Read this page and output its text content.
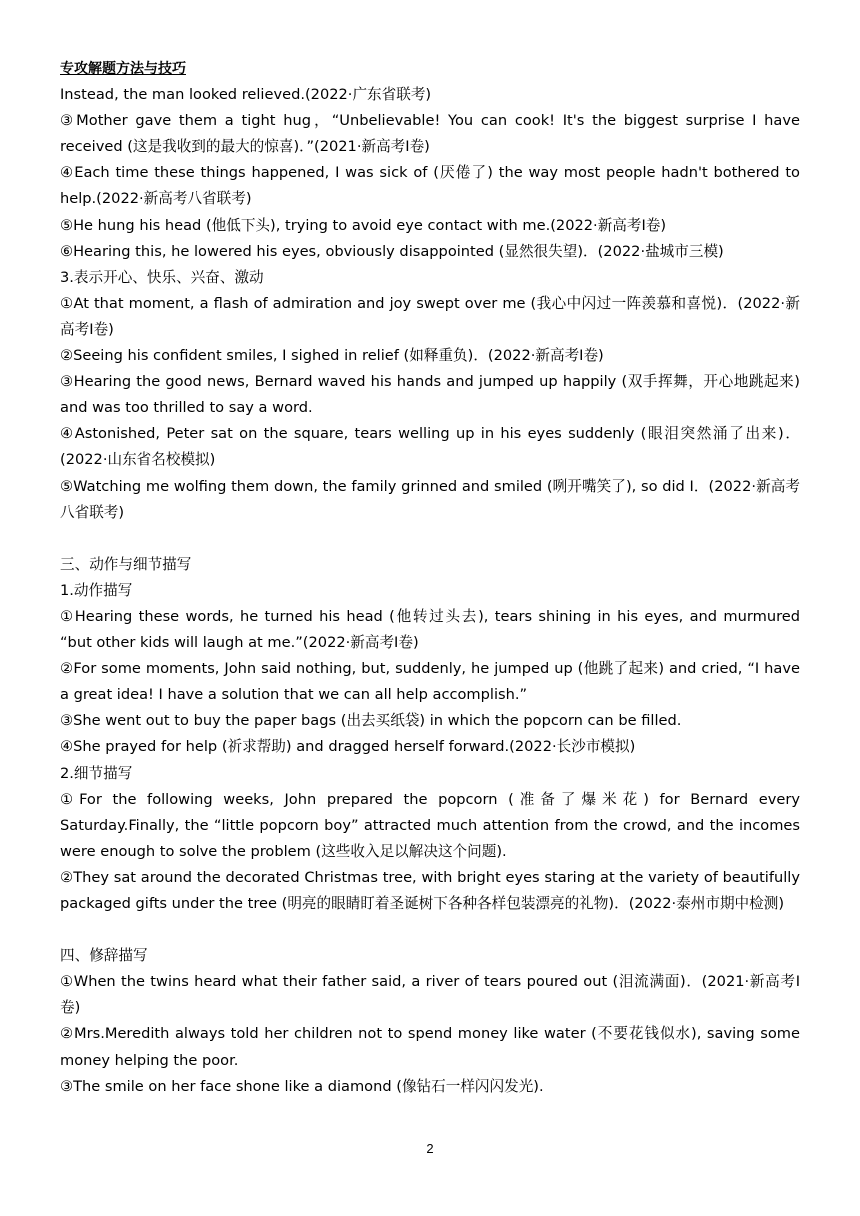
专攻解题方法与技巧
Instead, the man looked relieved.(2022·广东省联考)
③Mother gave them a tight hug，“Unbelievable! You can cook! It's the biggest surprise I have received (这是我收到的最大的惊喜)．”(2021·新高考Ⅰ卷)
④Each time these things happened, I was sick of (厌倦了) the way most people hadn't bothered to help.(2022·新高考八省联考)
⑤He hung his head (他低下头), trying to avoid eye contact with me.(2022·新高考Ⅰ卷)
⑥Hearing this, he lowered his eyes, obviously disappointed (显然很失望)．(2022·盐城市三模)
3.表示开心、快乐、兴奋、激动
①At that moment, a flash of admiration and joy swept over me (我心中闪过一阵羡慕和喜悦)．(2022·新高考Ⅰ卷)
②Seeing his confident smiles, I sighed in relief (如释重负)．(2022·新高考Ⅰ卷)
③Hearing the good news, Bernard waved his hands and jumped up happily (双手挥舞，开心地跳起来) and was too thrilled to say a word.
④Astonished, Peter sat on the square, tears welling up in his eyes suddenly (眼泪突然涌了出来)．(2022·山东省名校模拟)
⑤Watching me wolfing them down, the family grinned and smiled (咧开嘴笑了), so did I．(2022·新高考八省联考)
三、动作与细节描写
1.动作描写
①Hearing these words, he turned his head (他转过头去), tears shining in his eyes, and murmured “but other kids will laugh at me.”(2022·新高考Ⅰ卷)
②For some moments, John said nothing, but, suddenly, he jumped up (他跳了起来) and cried, “I have a great idea! I have a solution that we can all help accomplish.”
③She went out to buy the paper bags (出去买纸袋) in which the popcorn can be filled.
④She prayed for help (祈求帮助) and dragged herself forward.(2022·长沙市模拟)
2.细节描写
①For the following weeks, John prepared the popcorn (准备了爆米花) for Bernard every Saturday.Finally, the “little popcorn boy” attracted much attention from the crowd, and the incomes were enough to solve the problem (这些收入足以解决这个问题).
②They sat around the decorated Christmas tree, with bright eyes staring at the variety of beautifully packaged gifts under the tree (明亮的眼睛盯着圣诞树下各种各样包装漂亮的礼物)．(2022·泰州市期中检测)
四、修辞描写
①When the twins heard what their father said, a river of tears poured out (泪流满面)．(2021·新高考Ⅰ卷)
②Mrs.Meredith always told her children not to spend money like water (不要花钱似水), saving some money helping the poor.
③The smile on her face shone like a diamond (像钻石一样闪闪发光).
2
